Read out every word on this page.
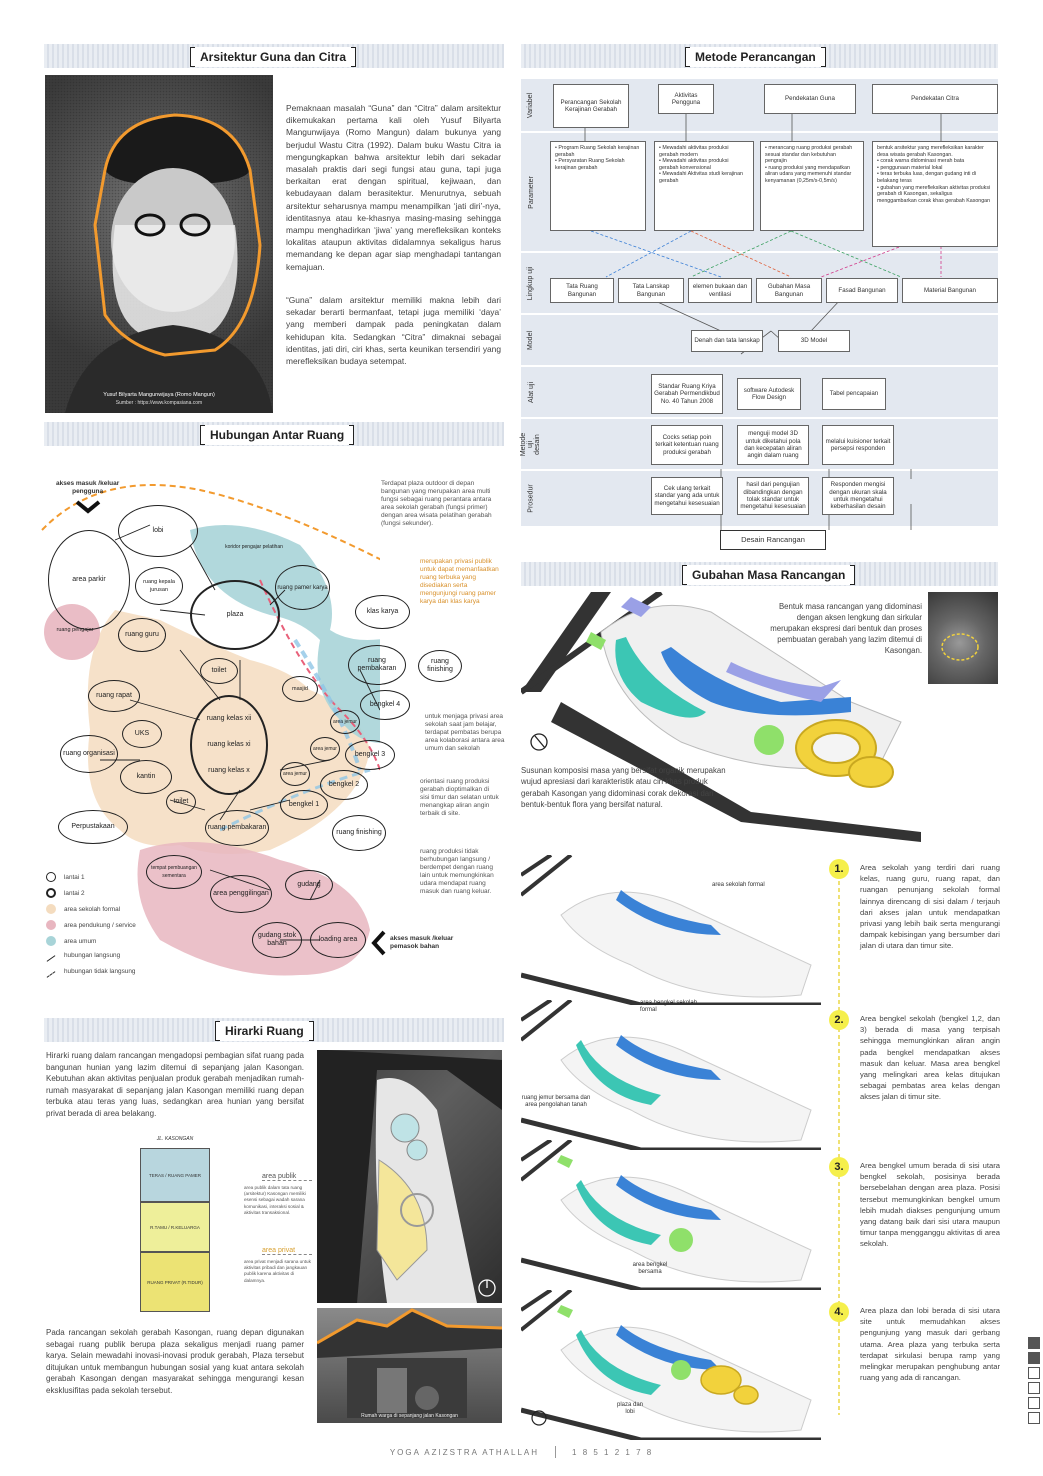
Arsitektur Guna dan Citra
Yusuf Bilyarta Mangunwijaya (Romo Mangun)
Sumber : https://www.kompasiana.com
Pemaknaan masalah “Guna” dan “Citra” dalam arsitektur dikemukakan pertama kali oleh Yusuf Bilyarta Mangunwijaya (Romo Mangun) dalam bukunya yang berjudul Wastu Citra (1992). Dalam buku Wastu Citra ia mengungkapkan bahwa arsitektur lebih dari sekadar masalah praktis dari segi fungsi atau guna, tapi juga berkaitan erat dengan spiritual, kejiwaan, dan kebudayaan dalam berasitektur. Menurutnya, sebuah arsitektur seharusnya mampu menampilkan ‘jati diri’-nya, identitasnya atau ke-khasnya masing-masing sehingga mampu menghadirkan ‘jiwa’ yang merefleksikan konteks lokalitas ataupun aktivitas didalamnya sekaligus harus memandang ke depan agar siap menghadapi tantangan kemajuan.
“Guna” dalam arsitektur memiliki makna lebih dari sekadar berarti bermanfaat, tetapi juga memiliki ‘daya’ yang memberi dampak pada peningkatan dalam kehidupan kita. Sedangkan “Citra” dimaknai sebagai identitas, jati diri, ciri khas, serta keunikan tersendiri yang merefleksikan budaya setempat.
Hubungan Antar Ruang
akses masuk /keluar
pengguna
lobi
area parkir	ruang kepala jurusan
plaza
ruang pamer karya
klas karya
ruang pengajar
ruang guru
toilet
ruang pembakaran
ruang finishing
ruang rapat
bengkel 4
masjid
ruang kelas xii
ruang kelas xi
ruang kelas x
UKS
ruang organisasi
kantin
toilet
bengkel 3
area jemur
area jemur
area jemur
bengkel 2
bengkel 1
Perpustakaan	ruang pembakaran
ruang finishing
tempat pembuangan sementara
gudang
area penggilingan
gudang stok bahan
loading area
koridor pengajar pelatihan
Terdapat plaza outdoor di depan bangunan yang merupakan area multi fungsi sebagai ruang perantara antara area sekolah gerabah (fungsi primer) dengan area wisata pelatihan gerabah (fungsi sekunder).
merupakan privasi publik untuk dapat memanfaatkan ruang terbuka yang disediakan serta mengunjungi ruang pamer karya dan klas karya
untuk menjaga privasi area sekolah saat jam belajar, terdapat pembatas berupa area kolaborasi antara area umum dan sekolah
orientasi ruang produksi gerabah dioptimalkan di sisi timur dan selatan untuk menangkap aliran angin terbaik di site.
ruang produksi tidak berhubungan langsung / berdempet dengan ruang lain untuk memungkinkan udara mendapat ruang masuk dan ruang keluar.
akses masuk /keluar
pemasok bahan
lantai 1
lantai 2
area sekolah formal
area pendukung / service
area umum
hubungan langsung
hubungan tidak langsung
Hirarki Ruang
Hirarki ruang dalam rancangan mengadopsi pembagian sifat ruang pada bangunan hunian yang lazim ditemui di sepanjang jalan Kasongan. Kebutuhan akan aktivitas penjualan produk gerabah menjadikan rumah-rumah masyarakat di sepanjang jalan Kasongan memiliki ruang depan terbuka atau teras yang luas, sedangkan area hunian yang bersifat privat berada di area belakang.
JL. KASONGAN
TERAS / RUANG PAMER
R.TAMU / R.KELUARGA
RUANG PRIVAT (R.TIDUR)
area publik
area publik dalam tata ruang (arsitektur) Kasongan memiliki esensi sebagai wadah sarana komunikasi, interaksi sosial & aktivitas transaksional.
area privat
area privat menjadi sarana untuk aktivitas pribadi dan jangkauan publik karena aktivitas di dalamnya.
Rumah warga di sepanjang jalan Kasongan
Pada rancangan sekolah gerabah Kasongan, ruang depan digunakan sebagai ruang publik berupa plaza sekaligus menjadi ruang pamer karya. Selain mewadahi inovasi-inovasi produk gerabah, Plaza tersebut ditujukan untuk membangun hubungan sosial yang kuat antara sekolah gerabah Kasongan dengan masyarakat sehingga mengurangi kesan eksklusifitas pada sekolah tersebut.
Metode Perancangan
Variabel
Parameter
Lingkup uji
Model
Alat uji
Metode uji desain
Prosedur
Perancangan Sekolah Kerajinan Gerabah
Aktivitas Pengguna
Pendekatan Guna	Pendekatan Citra
• Program Ruang Sekolah kerajinan gerabah
• Persyaratan Ruang Sekolah kerajinan gerabah
• Mewadahi aktivitas produksi gerabah modern
• Mewadahi aktivitas produksi gerabah konvensional
• Mewadahi Aktivitas studi kerajinan gerabah
• merancang ruang produksi gerabah sesuai standar dan kebutuhan pengrajin
• ruang produksi yang mendapatkan aliran udara yang memenuhi standar kenyamanan (0,25m/s-0,5m/s)
bentuk arsitektur yang merefleksikan karakter desa wisata gerabah Kasongan.
• corak warna didominasi merah bata
• penggunaan material lokal
• teras terbuka luas, dengan gudang inti di belakang teras
• gubahan yang merefleksikan aktivitas produksi gerabah di Kasongan, sekaligus menggambarkan corak khas gerabah Kasongan
Tata Ruang Bangunan
Tata Lanskap Bangunan
elemen bukaan dan ventilasi
Gubahan Masa Bangunan
Fasad Bangunan	Material Bangunan
Denah dan tata lanskap	3D Model
Standar Ruang Kriya Gerabah Permendikbud No. 40 Tahun 2008
software Autodesk Flow Design
Tabel pencapaian
Cocks setiap poin terkait ketentuan ruang produksi gerabah
menguji model 3D untuk diketahui pola dan kecepatan aliran angin dalam ruang
melalui kuisioner terkait persepsi responden
Cek ulang terkait standar yang ada untuk mengetahui kesesuaian
hasil dari pengujian dibandingkan dengan tolak standar untuk mengetahui kesesuaian
Responden mengisi dengan ukuran skala untuk mengetahui keberhasilan desain
Desain Rancangan
Gubahan Masa Rancangan
Bentuk masa rancangan yang didominasi dengan aksen lengkung dan sirkular merupakan ekspresi dari bentuk dan proses pembuatan gerabah yang lazim ditemui di Kasongan.
Susunan komposisi masa yang bersifat organik merupakan wujud apresiasi dari karakteristik atau ciri khas produk gerabah Kasongan yang didominasi corak dekorasi dari bentuk-bentuk flora yang bersifat natural.
area sekolah formal
area bengkel sekolah formal
ruang jemur bersama dan area pengolahan tanah
area bengkel bersama
plaza dan lobi
1.	Area sekolah yang terdiri dari ruang kelas, ruang guru, ruang rapat, dan ruangan penunjang sekolah formal lainnya direncang di sisi dalam / terjauh dari akses jalan untuk mendapatkan privasi yang lebih baik serta mengurangi dampak kebisingan yang bersumber dari jalan di utara dan timur site.
2.	Area bengkel sekolah (bengkel 1,2, dan 3) berada di masa yang terpisah sehingga memungkinkan aliran angin pada bengkel mendapatkan akses masuk dan keluar. Masa area bengkel yang melingkari area kelas ditujukan sebagai pembatas area kelas dengan akses jalan di timur site.
3.	Area bengkel umum berada di sisi utara bengkel sekolah, posisinya berada bersebelahan dengan area plaza. Posisi tersebut memungkinkan bengkel umum lebih mudah diakses pengunjung umum yang datang baik dari sisi utara maupun timur tanpa mengganggu aktivitas di area sekolah.
4.	Area plaza dan lobi berada di sisi utara site untuk memudahkan akses pengunjung yang masuk dari gerbang utama. Area plaza yang terbuka serta terdapat sirkulasi berupa ramp yang melingkar merupakan penghubung antar ruang yang ada di rancangan.
YOGA AZIZSTRA ATHALLAH	1 8 5 1 2 1 7 8
